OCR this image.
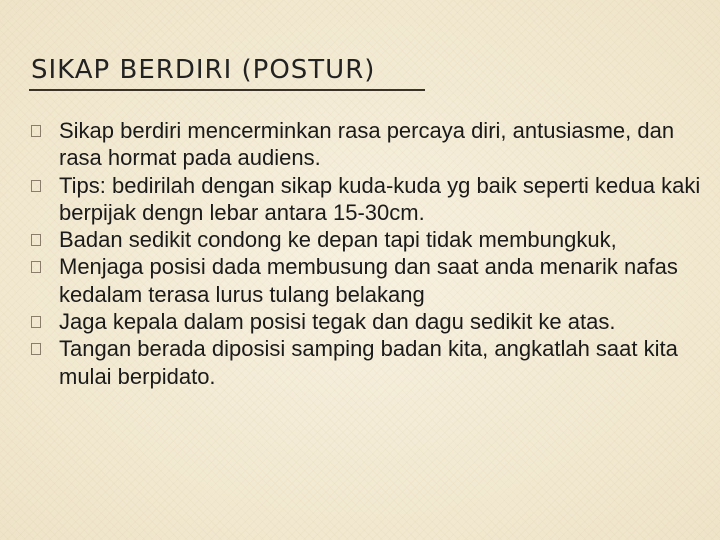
SIKAP BERDIRI (POSTUR)
Sikap berdiri mencerminkan rasa percaya diri, antusiasme, dan rasa hormat pada audiens.
Tips: bedirilah dengan sikap kuda-kuda yg baik seperti kedua kaki berpijak dengn lebar antara 15-30cm.
Badan sedikit condong ke depan tapi tidak membungkuk,
Menjaga posisi dada membusung dan saat anda menarik nafas kedalam terasa lurus tulang belakang
Jaga kepala dalam posisi tegak dan dagu sedikit ke atas.
Tangan berada diposisi samping badan kita, angkatlah saat kita mulai berpidato.
